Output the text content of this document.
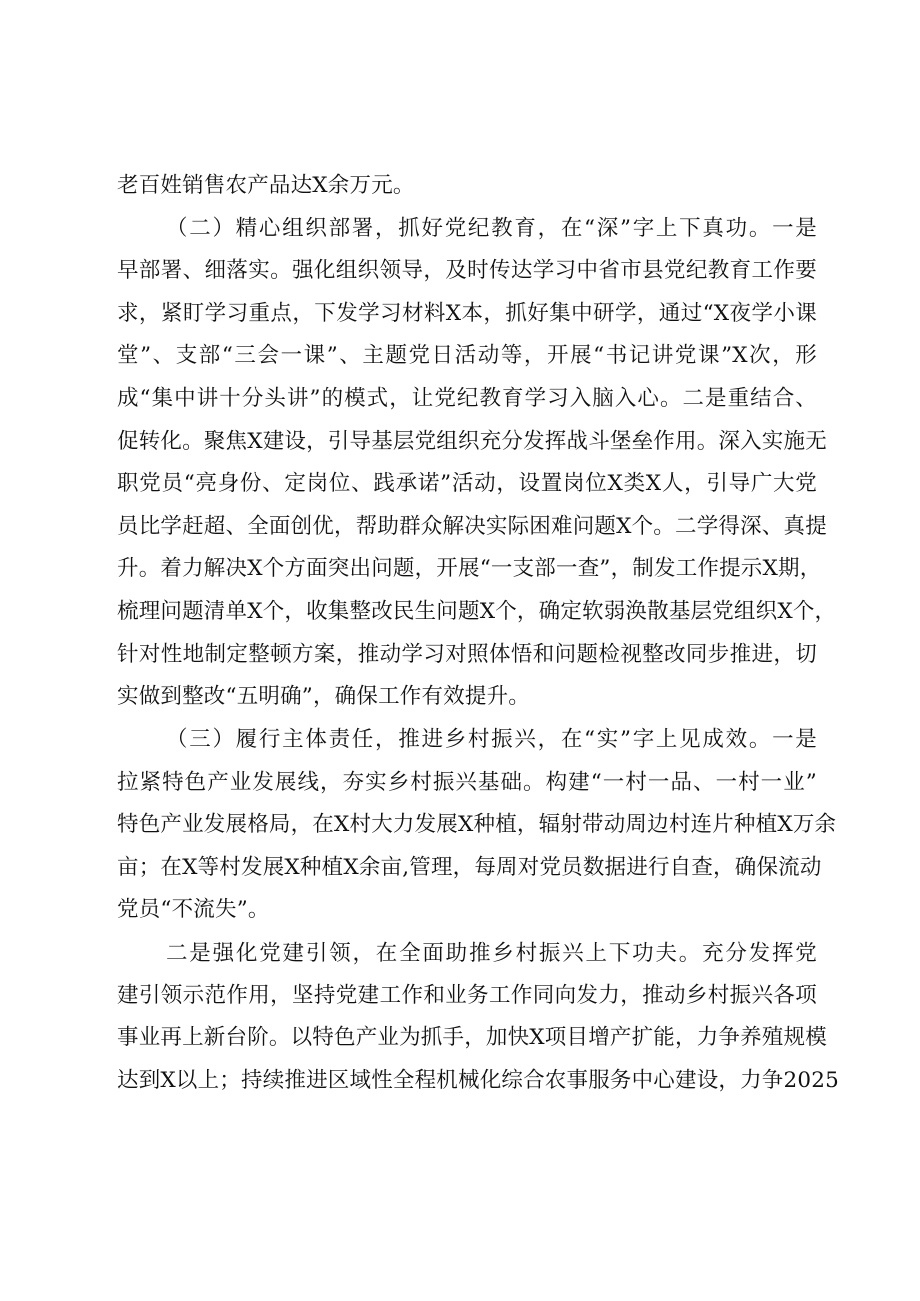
老百姓销售农产品达X余万元。
（二）精心组织部署，抓好党纪教育，在“深”字上下真功。一是
早部署、细落实。强化组织领导，及时传达学习中省市县党纪教育工作要
求，紧盯学习重点，下发学习材料X本，抓好集中研学，通过“X夜学小课
堂”、支部“三会一课”、主题党日活动等，开展“书记讲党课”X次，形
成“集中讲十分头讲”的模式，让党纪教育学习入脑入心。二是重结合、
促转化。聚焦X建设，引导基层党组织充分发挥战斗堡垒作用。深入实施无
职党员“亮身份、定岗位、践承诺”活动，设置岗位X类X人，引导广大党
员比学赶超、全面创优，帮助群众解决实际困难问题X个。二学得深、真提
升。着力解决X个方面突出问题，开展“一支部一查”，制发工作提示X期，
梳理问题清单X个，收集整改民生问题X个，确定软弱涣散基层党组织X个，
针对性地制定整顿方案，推动学习对照体悟和问题检视整改同步推进，切
实做到整改“五明确”，确保工作有效提升。
（三）履行主体责任，推进乡村振兴，在“实”字上见成效。一是
拉紧特色产业发展线，夯实乡村振兴基础。构建“一村一品、一村一业”
特色产业发展格局，在X村大力发展X种植，辐射带动周边村连片种植X万余
亩；在X等村发展X种植X余亩,管理，每周对党员数据进行自查，确保流动
党员“不流失”。
二是强化党建引领，在全面助推乡村振兴上下功夫。充分发挥党
建引领示范作用，坚持党建工作和业务工作同向发力，推动乡村振兴各项
事业再上新台阶。以特色产业为抓手，加快X项目增产扩能，力争养殖规模
达到X以上；持续推进区域性全程机械化综合农事服务中心建设，力争2025
